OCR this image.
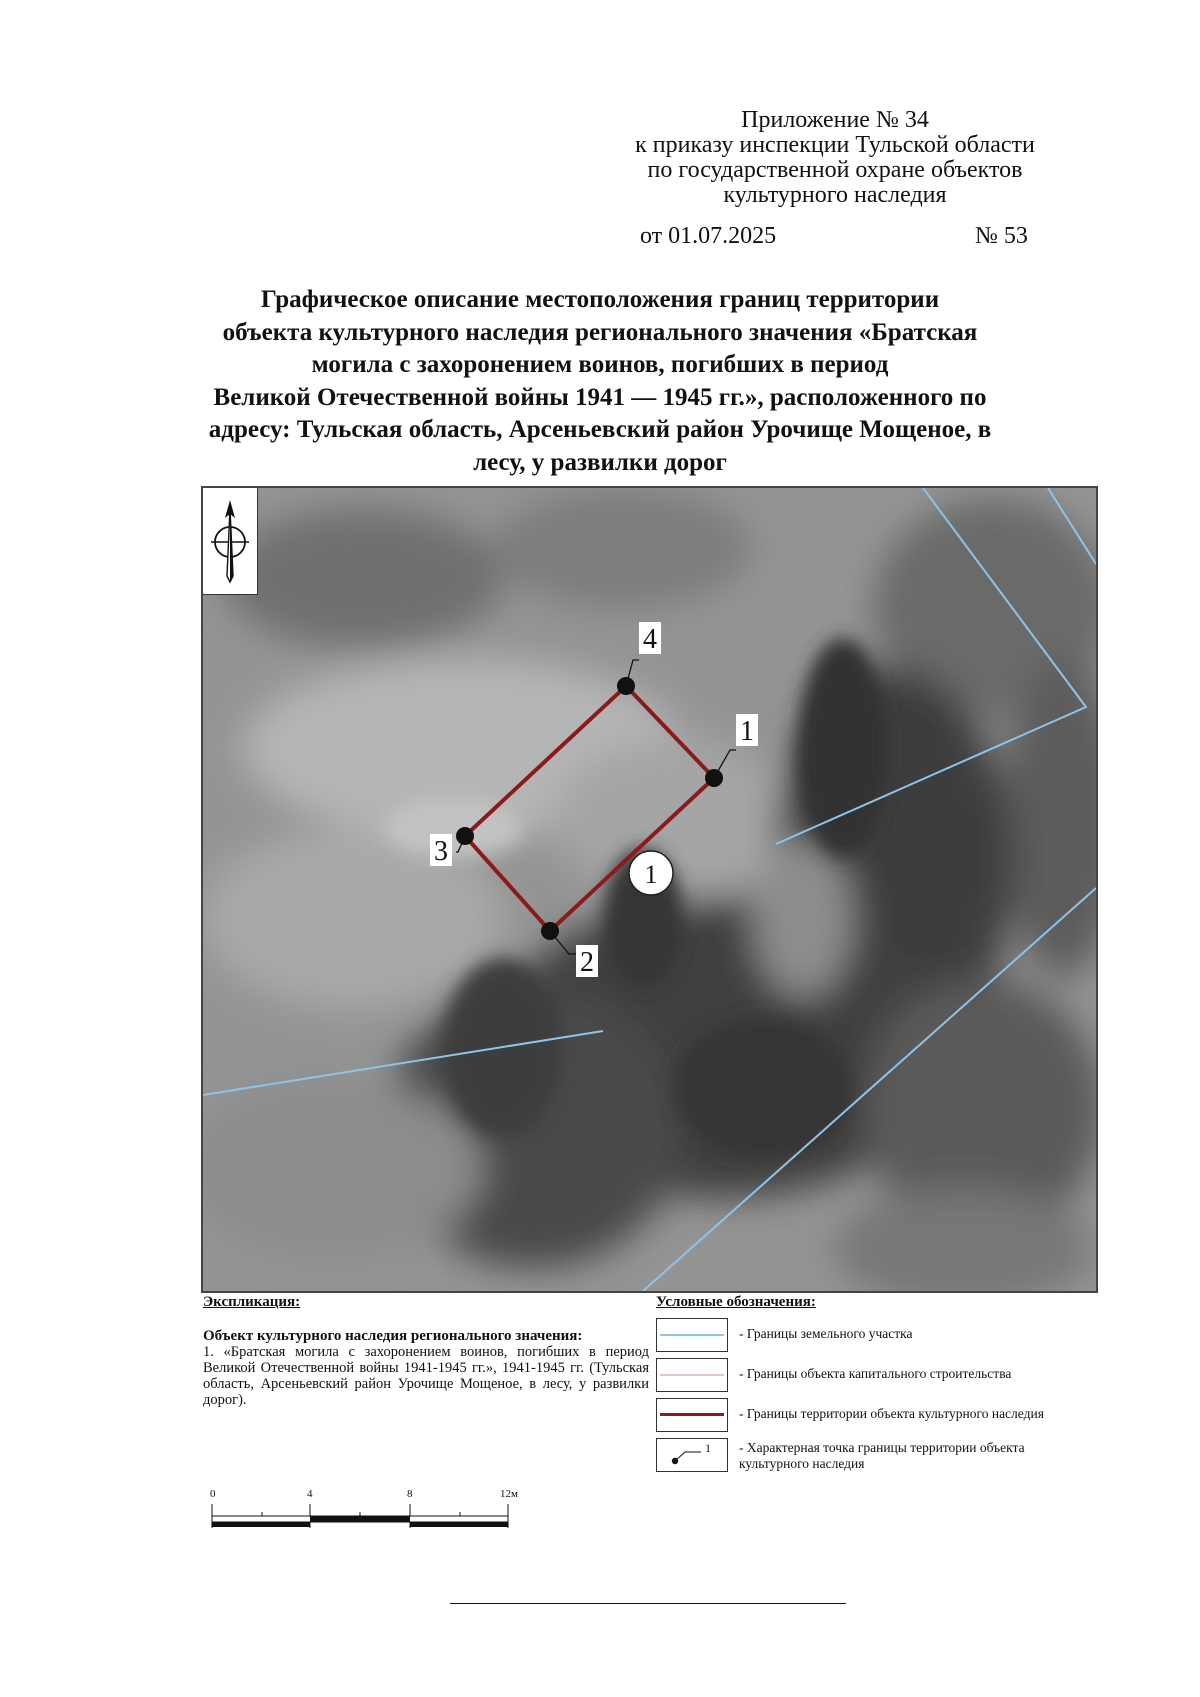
Приложение № 34
к приказу инспекции Тульской области
по государственной охране объектов
культурного наследия
от 01.07.2025	№ 53
Графическое описание местоположения границ территории
объекта культурного наследия регионального значения «Братская
могила с захоронением воинов, погибших в период
Великой Отечественной войны 1941 — 1945 гг.», расположенного по
адресу: Тульская область, Арсеньевский район Урочище Мощеное, в
лесу, у развилки дорог
1
2
3
4
1
Экспликация:
Объект культурного наследия регионального значения:
1. «Братская могила с захоронением воинов, погибших в период Великой Отечественной войны 1941-1945 гг.», 1941-1945 гг. (Тульская область, Арсеньевский район Урочище Мощеное, в лесу, у развилки дорог).
Условные обозначения:
- Границы земельного участка
- Границы объекта капитального строительства
- Границы территории объекта культурного наследия
1 - Характерная точка границы территории объекта
культурного наследия
0	4	8	12м
